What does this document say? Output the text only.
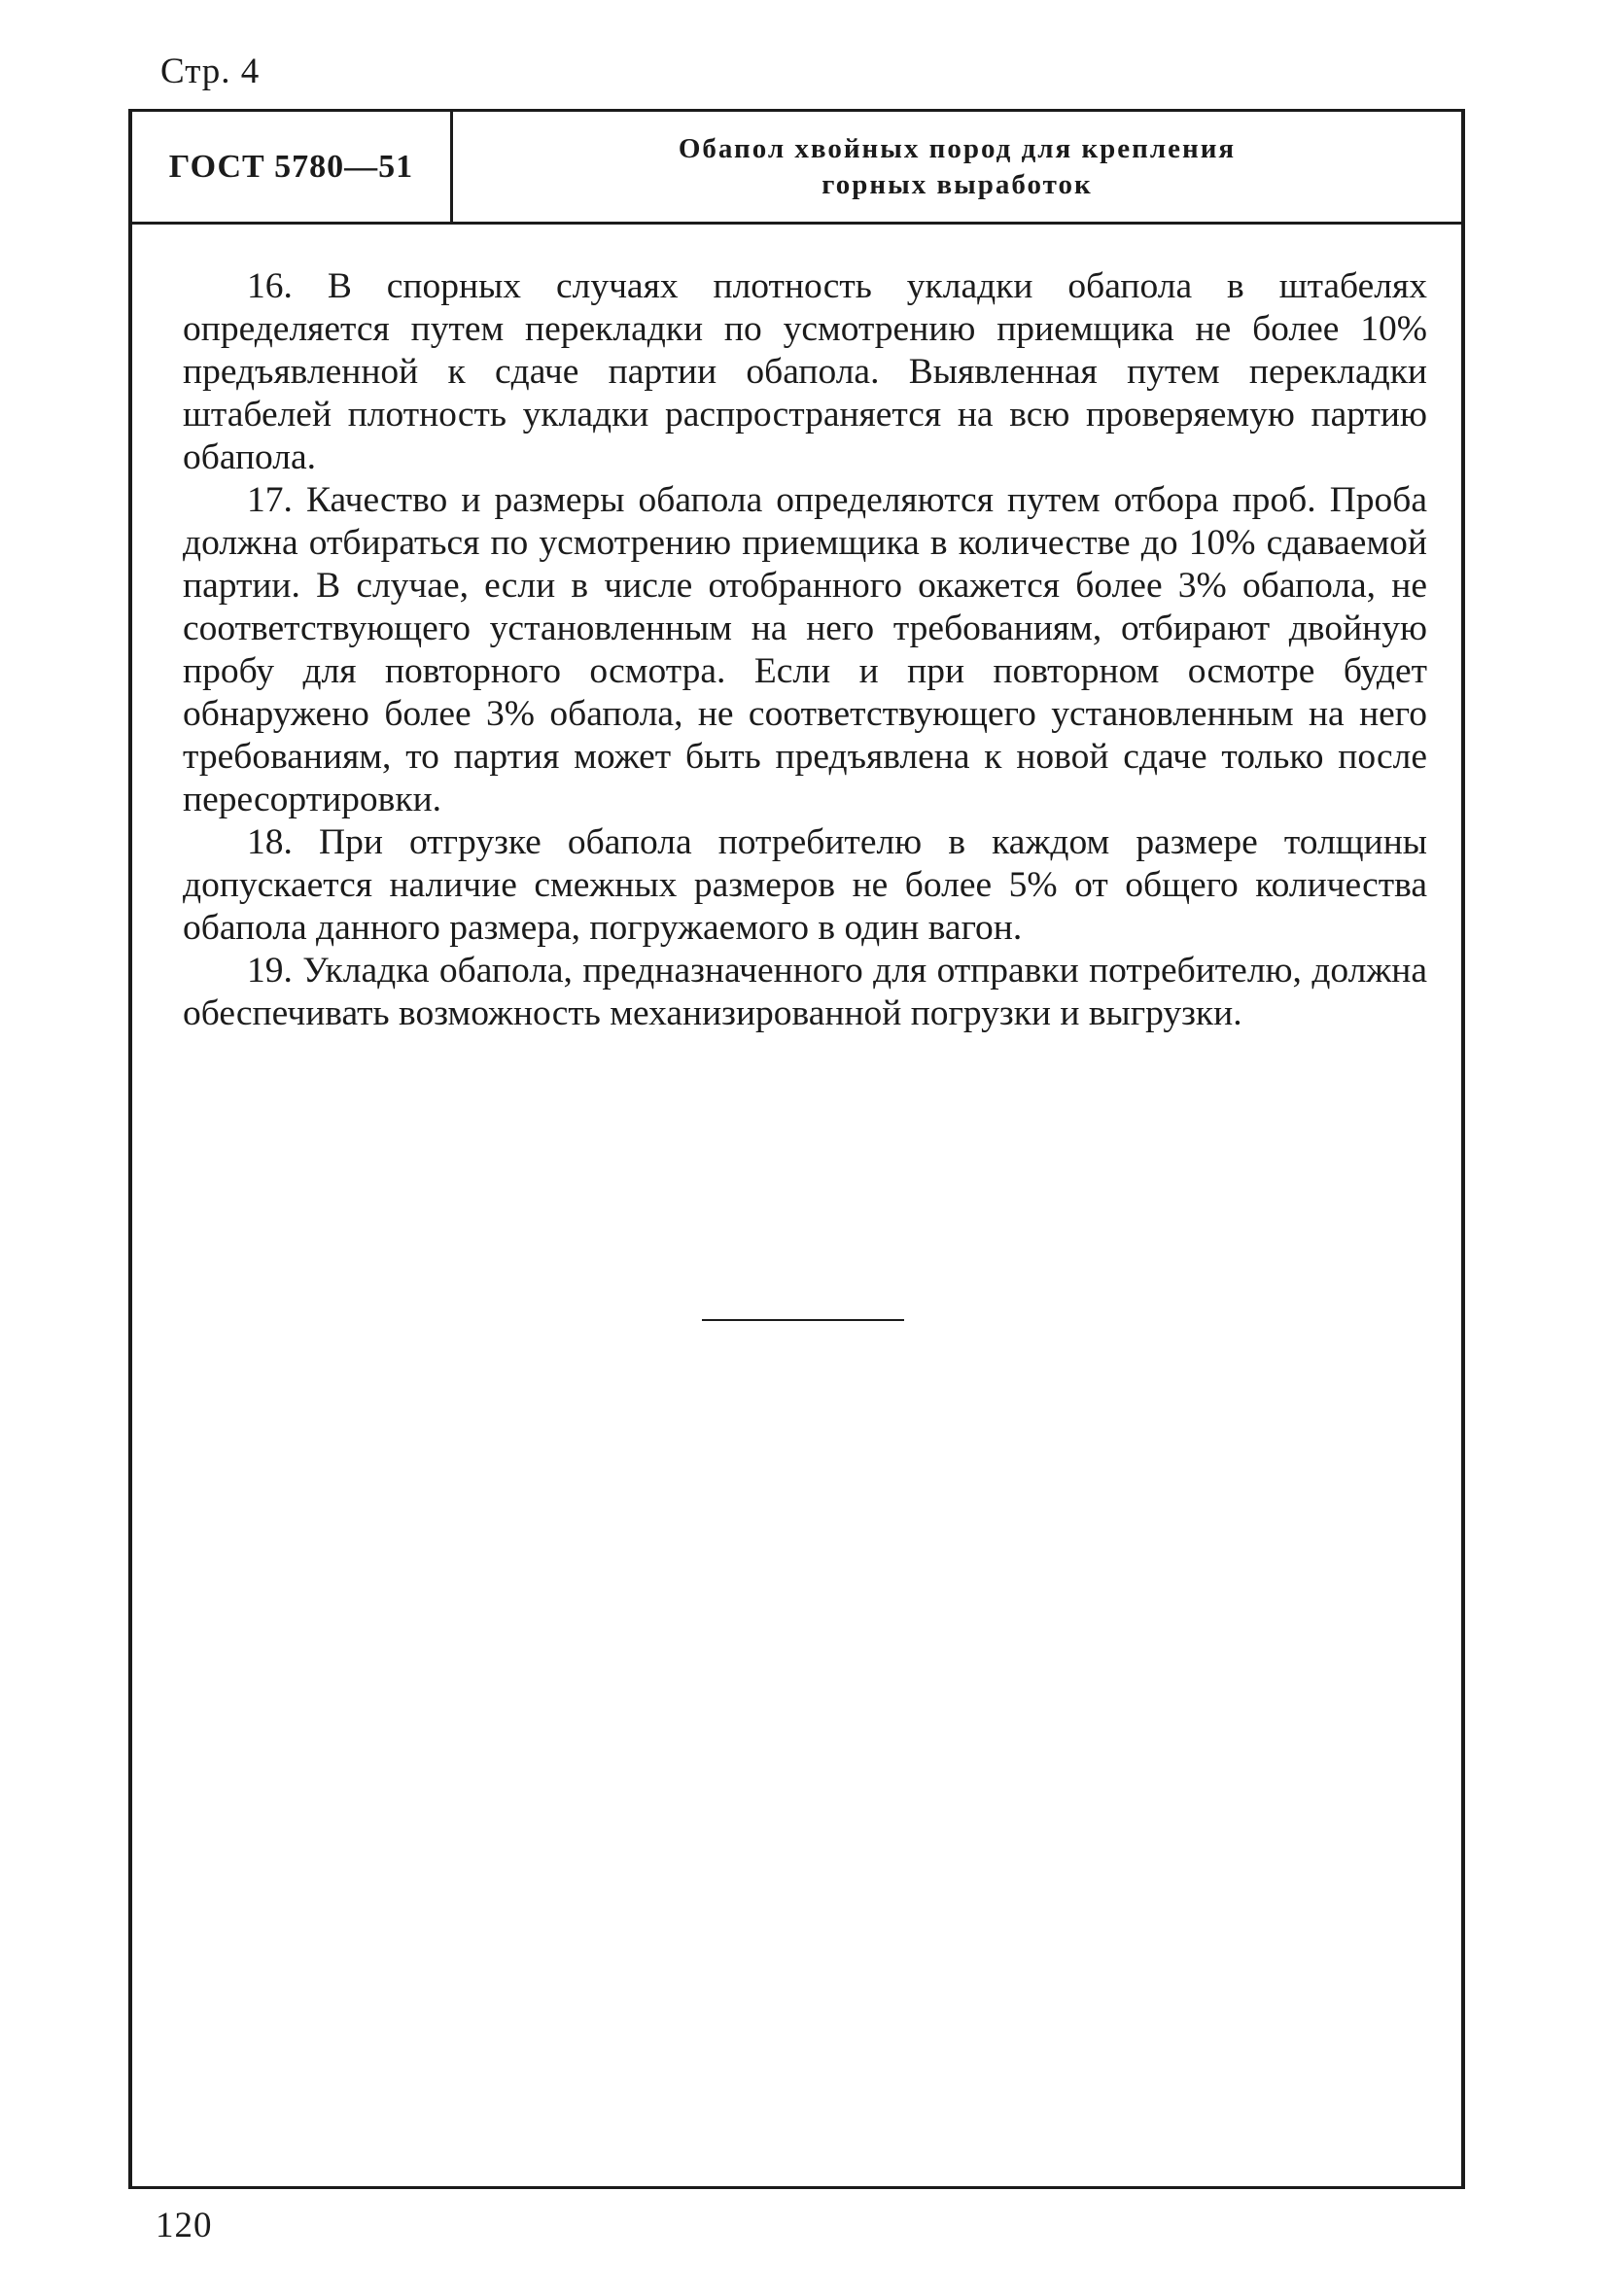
Стр. 4
ГОСТ 5780—51	Обапол хвойных пород для крепления
горных выработок

16. В спорных случаях плотность укладки обапола в штабелях определяется путем перекладки по усмотрению приемщика не более 10% предъявленной к сдаче партии обапола. Выявленная путем перекладки штабелей плотность укладки распространяется на всю проверяемую партию обапола.

17. Качество и размеры обапола определяются путем отбора проб. Проба должна отбираться по усмотрению приемщика в количестве до 10% сдаваемой партии. В случае, если в числе отобранного окажется более 3% обапола, не соответствующего установленным на него требованиям, отбирают двойную пробу для повторного осмотра. Если и при повторном осмотре будет обнаружено более 3% обапола, не соответствующего установленным на него требованиям, то партия может быть предъявлена к новой сдаче только после пересортировки.

18. При отгрузке обапола потребителю в каждом размере толщины допускается наличие смежных размеров не более 5% от общего количества обапола данного размера, погружаемого в один вагон.

19. Укладка обапола, предназначенного для отправки потребителю, должна обеспечивать возможность механизированной погрузки и выгрузки.

120
